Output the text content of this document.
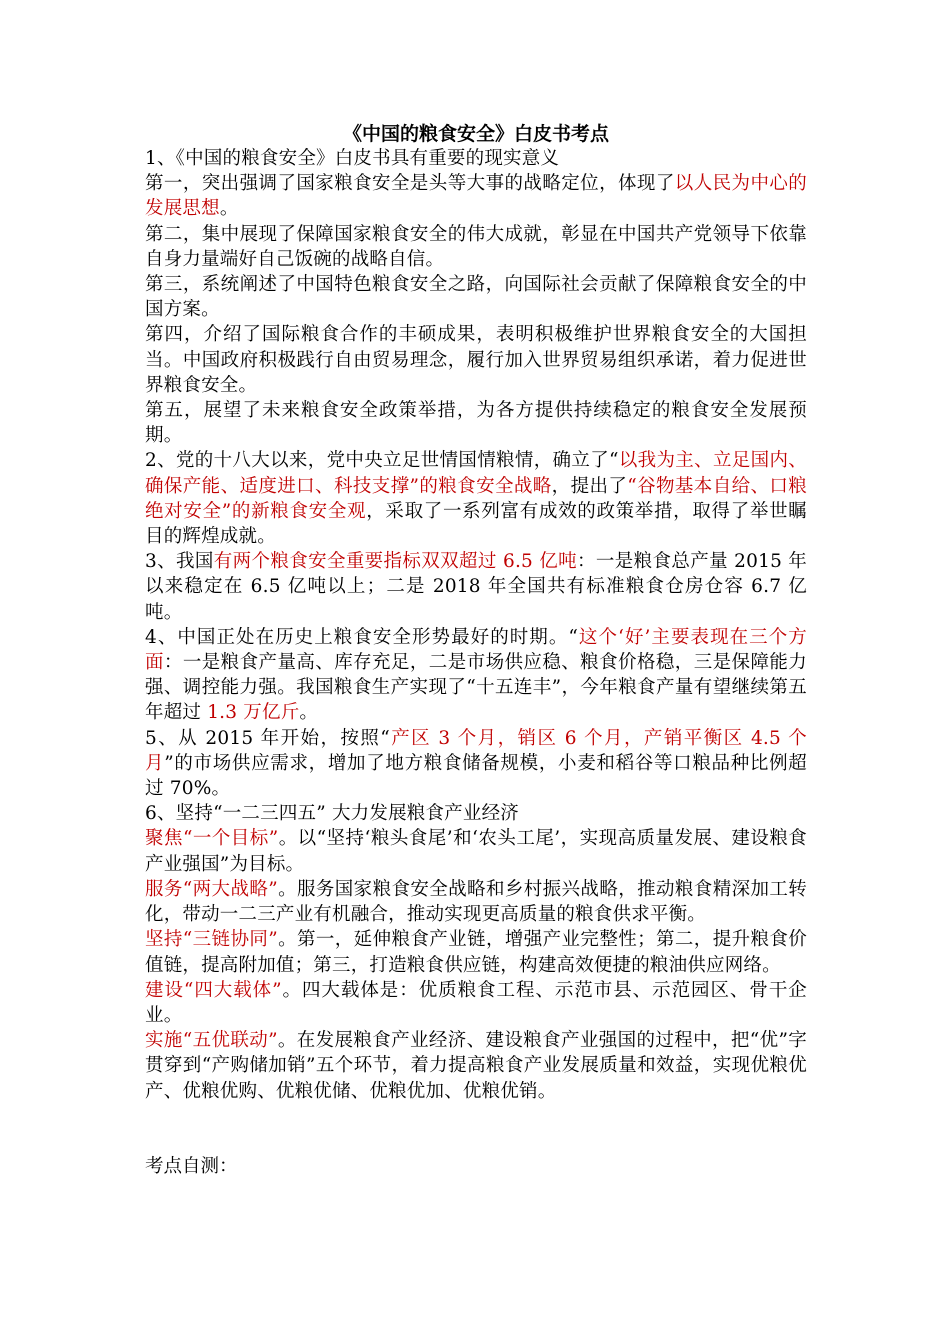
《中国的粮食安全》白皮书考点

1、《中国的粮食安全》白皮书具有重要的现实意义

第一，突出强调了国家粮食安全是头等大事的战略定位，体现了以人民为中心的发展思想。

第二，集中展现了保障国家粮食安全的伟大成就，彰显在中国共产党领导下依靠自身力量端好自己饭碗的战略自信。

第三，系统阐述了中国特色粮食安全之路，向国际社会贡献了保障粮食安全的中国方案。

第四，介绍了国际粮食合作的丰硕成果，表明积极维护世界粮食安全的大国担当。中国政府积极践行自由贸易理念，履行加入世界贸易组织承诺，着力促进世界粮食安全。

第五，展望了未来粮食安全政策举措，为各方提供持续稳定的粮食安全发展预期。

2、党的十八大以来，党中央立足世情国情粮情，确立了“以我为主、立足国内、确保产能、适度进口、科技支撑”的粮食安全战略，提出了“谷物基本自给、口粮绝对安全”的新粮食安全观，采取了一系列富有成效的政策举措，取得了举世瞩目的辉煌成就。

3、我国有两个粮食安全重要指标双双超过 6.5 亿吨：一是粮食总产量 2015 年以来稳定在 6.5 亿吨以上；二是 2018 年全国共有标准粮食仓房仓容 6.7 亿吨。

4、中国正处在历史上粮食安全形势最好的时期。“这个‘好’主要表现在三个方面：一是粮食产量高、库存充足，二是市场供应稳、粮食价格稳，三是保障能力强、调控能力强。我国粮食生产实现了“十五连丰”，今年粮食产量有望继续第五年超过 1.3 万亿斤。

5、从 2015 年开始，按照“产区 3 个月，销区 6 个月，产销平衡区 4.5 个月”的市场供应需求，增加了地方粮食储备规模，小麦和稻谷等口粮品种比例超过 70%。

6、坚持“一二三四五” 大力发展粮食产业经济

聚焦“一个目标”。以“坚持‘粮头食尾’和‘农头工尾’，实现高质量发展、建设粮食产业强国”为目标。

服务“两大战略”。服务国家粮食安全战略和乡村振兴战略，推动粮食精深加工转化，带动一二三产业有机融合，推动实现更高质量的粮食供求平衡。

坚持“三链协同”。第一，延伸粮食产业链，增强产业完整性；第二，提升粮食价值链，提高附加值；第三，打造粮食供应链，构建高效便捷的粮油供应网络。

建设“四大载体”。四大载体是：优质粮食工程、示范市县、示范园区、骨干企业。

实施“五优联动”。在发展粮食产业经济、建设粮食产业强国的过程中，把“优”字贯穿到“产购储加销”五个环节，着力提高粮食产业发展质量和效益，实现优粮优产、优粮优购、优粮优储、优粮优加、优粮优销。

考点自测：
